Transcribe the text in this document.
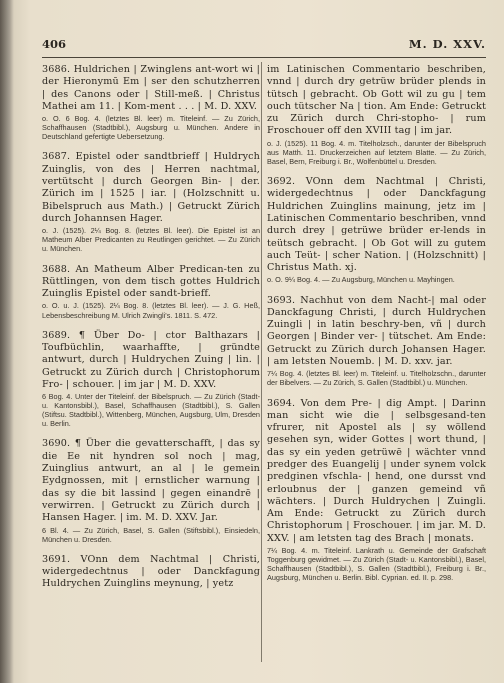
406	M. D. XXV.
3686. Huldrichen | Zwinglens ant-wort wi | der Hieronymū Em | ser den schutzherren | des Canons oder | Still-meß. | Christus Mathei am 11. | Kom-ment . . . | M. D. XXV.
o. O. 6 Bog. 4. (letztes Bl. leer) m. Titeleinf. — Zu Zürich, Schaffhausen (Stadtbibl.), Augsburg u. München. Andere in Deutschland gefertigte Uebersetzung.
3687. Epistel oder sandtbrieff | Huldrych Zuinglis, von des | Herren nachtmal, vertütscht | durch Georgen Bin- | der. Zürich im | 1525 | iar. | (Holzschnitt u. Bibelspruch aus Math.) | Getruckt Zürich durch Johannsen Hager.
o. J. (1525). 2¼ Bog. 8. (letztes Bl. leer). Die Epistel ist an Matheum Alber Predicanten zu Reutlingen gerichtet. — Zu Zürich u. München.
3688. An Matheum Alber Predican-ten zu Rüttlingen, von dem tisch gottes Huldrich Zuinglis Epistel oder sandt-brieff.
o. O. u. J. (1525). 2¼ Bog. 8. (letztes Bl. leer). — J. G. Heß, Lebensbeschreibung M. Ulrich Zwingli's. 1811. S. 472.
3689. ¶ Über Do- | ctor Balthazars | Toufbüchlin, waarhaffte, | gründte antwurt, durch | Huldrychen Zuing | lin. | Getruckt zu Zürich durch | Christophorum Fro- | schouer. | im jar | M. D. XXV.
6 Bog. 4. Unter der Titeleinf. der Bibelspruch. — Zu Zürich (Stadt- u. Kantonsbibl.), Basel, Schaffhausen (Stadtbibl.), S. Gallen (Stiftsu. Stadtbibl.), Wittenberg, München, Augsburg, Ulm, Dresden u. Berlin.
3690. ¶ Über die gevatterschafft, | das sy die Ee nit hyndren sol noch | mag, Zuinglius antwurt, an al | le gemein Eydgnossen, mit | ernstlicher warnung | das sy die bit lassind | gegen einandrē | verwirren. | Getruckt zu Zürich durch | Hansen Hager. | im. M. D. XXV. Jar.
6 Bl. 4. — Zu Zürich, Basel, S. Gallen (Stiftsbibl.), Einsiedeln, München u. Dresden.
3691. VOnn dem Nachtmal | Christi, widergedechtnus | oder Danckfagung Huldrychen Zuinglins meynung, | yetz
im Latinischen Commentario beschriben, vnnd | durch dry getrüw brüder plends in tütsch | gebracht. Ob Gott wil zu gu | tem ouch tütscher Na | tion. Am Ende: Getruckt zu Zürich durch Chri-stopho- | rum Froschouer off den XVIII tag | im jar.
o. J. (1525). 11 Bog. 4. m. Titelholzsch., darunter der Bibelspruch aus Matth. 11. Druckerzeichen auf letztem Blatte. — Zu Zürich, Basel, Bern, Freiburg i. Br., Wolfenbüttel u. Dresden.
3692. VOnn dem Nachtmal | Christi, widergedechtnus | oder Danckfagung Huldrichen Zuinglins mainung, jetz im | Latinischen Commentario beschriben, vnnd durch drey | getrüwe brüder er-lends in teütsch gebracht. | Ob Got will zu gutem auch Teüt- | scher Nation. | (Holzschnitt) | Christus Math. xj.
o. O. 9¼ Bog. 4. — Zu Augsburg, München u. Mayhingen.
3693. Nachhut von dem Nacht-| mal oder Danckfagung Christi, | durch Huldrychen Zuingli | in latin beschry-ben, vñ | durch Georgen | Binder ver- | tütschet. Am Ende: Getruckt zu Zürich durch Johansen Hager. | am letsten Nouemb. | M. D. xxv. jar.
7¼ Bog. 4. (letztes Bl. leer) m. Titeleinf. u. Titelholzschn., darunter der Bibelvers. — Zu Zürich, S. Gallen (Stadtbibl.) u. München.
3694. Von dem Pre- | dig Ampt. | Darinn man sicht wie die | selbsgesand-ten vfrurer, nit Apostel als | sy wöllend gesehen syn, wider Gottes | wort thund, | das sy ein yeden getrüwē | wächter vnnd predger des Euangelij | under synem volck predginen vfschla- | hend, one dursst vnd erloubnus der | ganzen gemeind vñ wächters. | Durch Huldrychen | Zuingli. Am Ende: Getruckt zu Zürich durch Christophorum | Froschouer. | im jar. M. D. XXV. | am letsten tag des Brach | monats.
7¼ Bog. 4. m. Titeleinf. Lankrath u. Gemeinde der Grafschaft Toggenburg gewidmet. — Zu Zürich (Stadt- u. Kantonsbibl.), Basel, Schaffhausen (Stadtbibl.), S. Gallen (Stadtbibl.), Freiburg i. Br., Augsburg, München u. Berlin. Bibl. Cyprian. ed. II. p. 298.
